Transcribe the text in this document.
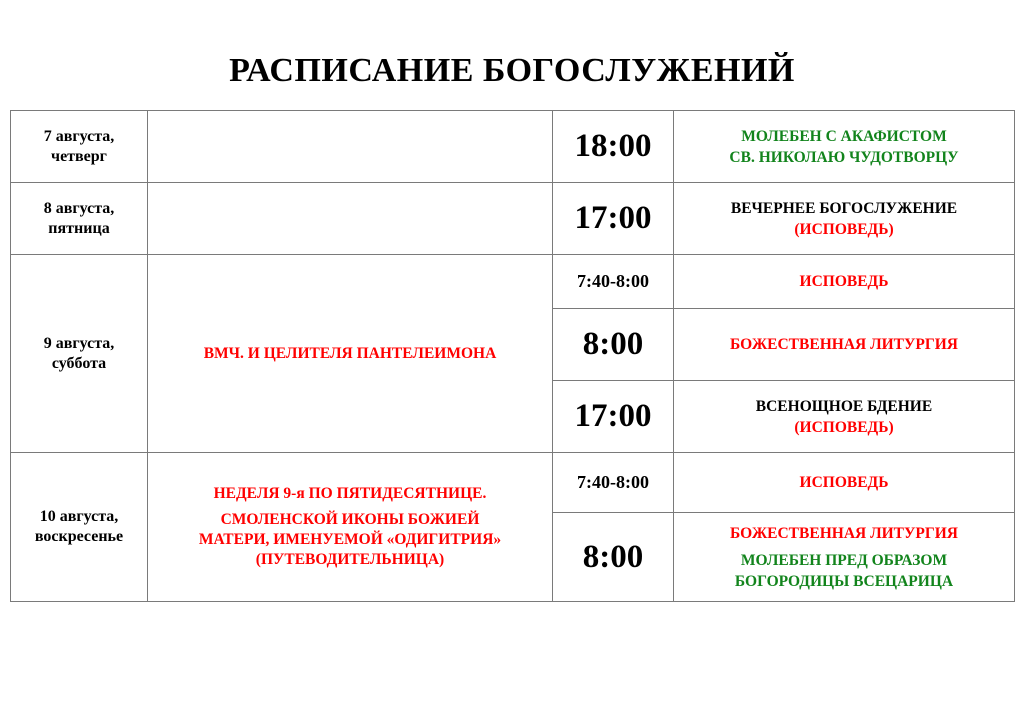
РАСПИСАНИЕ БОГОСЛУЖЕНИЙ
7 августа,
четверг		18:00	МОЛЕБЕН С АКАФИСТОМ
СВ. НИКОЛАЮ ЧУДОТВОРЦУ

8 августа,
пятница		17:00	ВЕЧЕРНЕЕ БОГОСЛУЖЕНИЕ
(ИСПОВЕДЬ)

9 августа,
суббота	ВМЧ. И ЦЕЛИТЕЛЯ ПАНТЕЛЕИМОНА	7:40-8:00	ИСПОВЕДЬ

		8:00	БОЖЕСТВЕННАЯ ЛИТУРГИЯ

		17:00	ВСЕНОЩНОЕ БДЕНИЕ
(ИСПОВЕДЬ)

10 августа,
воскресенье	НЕДЕЛЯ 9-я ПО ПЯТИДЕСЯТНИЦЕ.
СМОЛЕНСКОЙ ИКОНЫ БОЖИЕЙ
МАТЕРИ, ИМЕНУЕМОЙ «ОДИГИТРИЯ»
(ПУТЕВОДИТЕЛЬНИЦА)	7:40-8:00	ИСПОВЕДЬ

		8:00	БОЖЕСТВЕННАЯ ЛИТУРГИЯ
МОЛЕБЕН ПРЕД ОБРАЗОМ
БОГОРОДИЦЫ ВСЕЦАРИЦА
